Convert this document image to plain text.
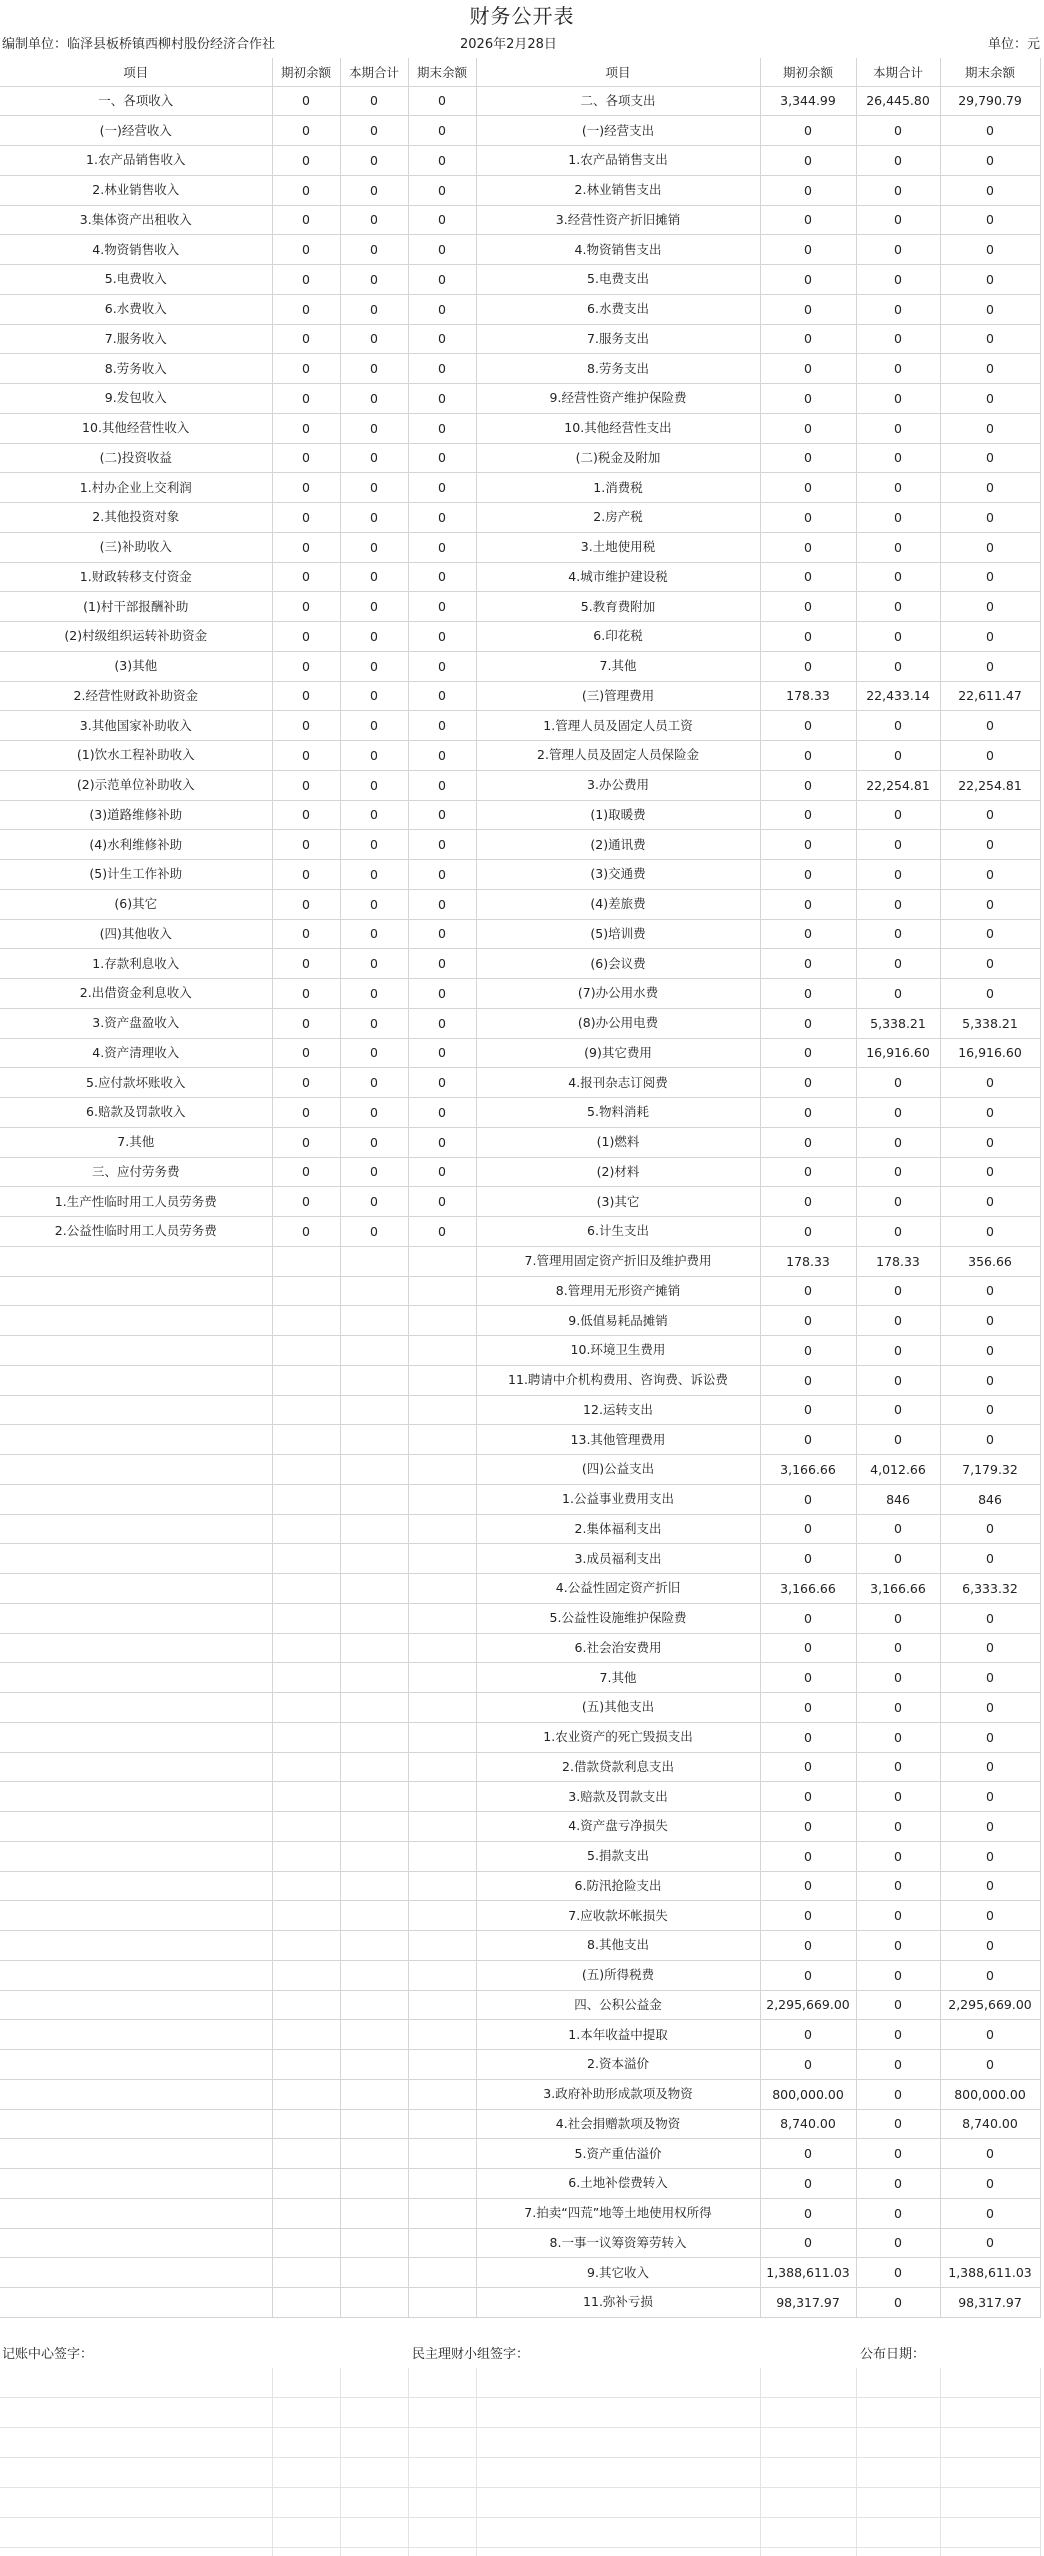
财务公开表
编制单位：临泽县板桥镇西柳村股份经济合作社	2026年2月28日	单位：元
项目	期初余额	本期合计	期末余额	项目	期初余额	本期合计	期末余额
一、各项收入	0	0	0	二、各项支出	3,344.99	26,445.80	29,790.79
(一)经营收入	0	0	0	(一)经营支出	0	0	0
1.农产品销售收入	0	0	0	1.农产品销售支出	0	0	0
2.林业销售收入	0	0	0	2.林业销售支出	0	0	0
3.集体资产出租收入	0	0	0	3.经营性资产折旧摊销	0	0	0
4.物资销售收入	0	0	0	4.物资销售支出	0	0	0
5.电费收入	0	0	0	5.电费支出	0	0	0
6.水费收入	0	0	0	6.水费支出	0	0	0
7.服务收入	0	0	0	7.服务支出	0	0	0
8.劳务收入	0	0	0	8.劳务支出	0	0	0
9.发包收入	0	0	0	9.经营性资产维护保险费	0	0	0
10.其他经营性收入	0	0	0	10.其他经营性支出	0	0	0
(二)投资收益	0	0	0	(二)税金及附加	0	0	0
1.村办企业上交利润	0	0	0	1.消费税	0	0	0
2.其他投资对象	0	0	0	2.房产税	0	0	0
(三)补助收入	0	0	0	3.土地使用税	0	0	0
1.财政转移支付资金	0	0	0	4.城市维护建设税	0	0	0
(1)村干部报酬补助	0	0	0	5.教育费附加	0	0	0
(2)村级组织运转补助资金	0	0	0	6.印花税	0	0	0
(3)其他	0	0	0	7.其他	0	0	0
2.经营性财政补助资金	0	0	0	(三)管理费用	178.33	22,433.14	22,611.47
3.其他国家补助收入	0	0	0	1.管理人员及固定人员工资	0	0	0
(1)饮水工程补助收入	0	0	0	2.管理人员及固定人员保险金	0	0	0
(2)示范单位补助收入	0	0	0	3.办公费用	0	22,254.81	22,254.81
(3)道路维修补助	0	0	0	(1)取暖费	0	0	0
(4)水利维修补助	0	0	0	(2)通讯费	0	0	0
(5)计生工作补助	0	0	0	(3)交通费	0	0	0
(6)其它	0	0	0	(4)差旅费	0	0	0
(四)其他收入	0	0	0	(5)培训费	0	0	0
1.存款利息收入	0	0	0	(6)会议费	0	0	0
2.出借资金利息收入	0	0	0	(7)办公用水费	0	0	0
3.资产盘盈收入	0	0	0	(8)办公用电费	0	5,338.21	5,338.21
4.资产清理收入	0	0	0	(9)其它费用	0	16,916.60	16,916.60
5.应付款坏账收入	0	0	0	4.报刊杂志订阅费	0	0	0
6.赔款及罚款收入	0	0	0	5.物料消耗	0	0	0
7.其他	0	0	0	(1)燃料	0	0	0
三、应付劳务费	0	0	0	(2)材料	0	0	0
1.生产性临时用工人员劳务费	0	0	0	(3)其它	0	0	0
2.公益性临时用工人员劳务费	0	0	0	6.计生支出	0	0	0
				7.管理用固定资产折旧及维护费用	178.33	178.33	356.66
				8.管理用无形资产摊销	0	0	0
				9.低值易耗品摊销	0	0	0
				10.环境卫生费用	0	0	0
				11.聘请中介机构费用、咨询费、诉讼费	0	0	0
				12.运转支出	0	0	0
				13.其他管理费用	0	0	0
				(四)公益支出	3,166.66	4,012.66	7,179.32
				1.公益事业费用支出	0	846	846
				2.集体福利支出	0	0	0
				3.成员福利支出	0	0	0
				4.公益性固定资产折旧	3,166.66	3,166.66	6,333.32
				5.公益性设施维护保险费	0	0	0
				6.社会治安费用	0	0	0
				7.其他	0	0	0
				(五)其他支出	0	0	0
				1.农业资产的死亡毁损支出	0	0	0
				2.借款贷款利息支出	0	0	0
				3.赔款及罚款支出	0	0	0
				4.资产盘亏净损失	0	0	0
				5.捐款支出	0	0	0
				6.防汛抢险支出	0	0	0
				7.应收款坏帐损失	0	0	0
				8.其他支出	0	0	0
				(五)所得税费	0	0	0
				四、公积公益金	2,295,669.00	0	2,295,669.00
				1.本年收益中提取	0	0	0
				2.资本溢价	0	0	0
				3.政府补助形成款项及物资	800,000.00	0	800,000.00
				4.社会捐赠款项及物资	8,740.00	0	8,740.00
				5.资产重估溢价	0	0	0
				6.土地补偿费转入	0	0	0
				7.拍卖“四荒”地等土地使用权所得	0	0	0
				8.一事一议筹资筹劳转入	0	0	0
				9.其它收入	1,388,611.03	0	1,388,611.03
				11.弥补亏损	98,317.97	0	98,317.97
记账中心签字：	民主理财小组签字：	公布日期：
